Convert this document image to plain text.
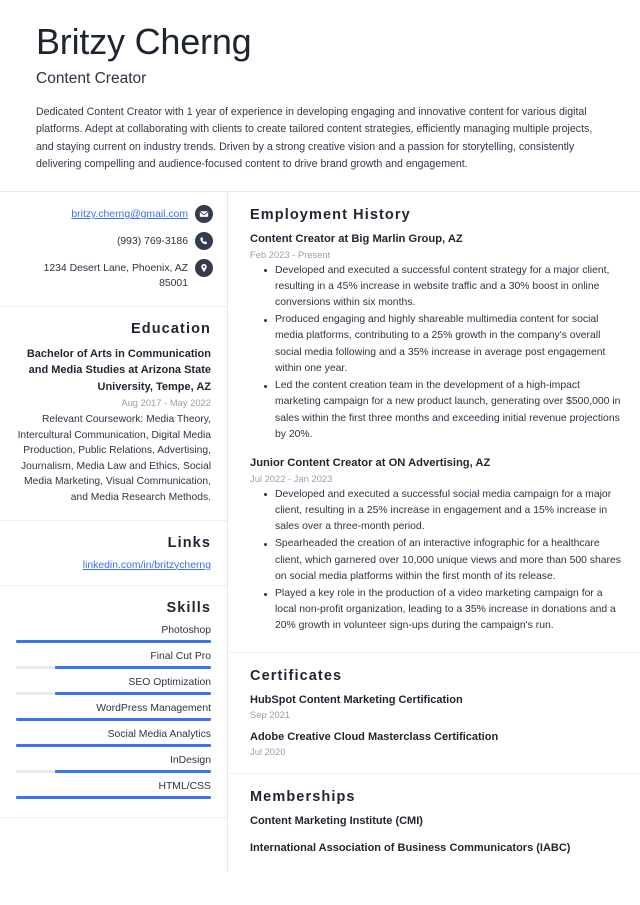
Britzy Cherng
Content Creator
Dedicated Content Creator with 1 year of experience in developing engaging and innovative content for various digital platforms. Adept at collaborating with clients to create tailored content strategies, efficiently managing multiple projects, and staying current on industry trends. Driven by a strong creative vision and a passion for storytelling, consistently delivering compelling and audience-focused content to drive brand growth and engagement.
britzy.cherng@gmail.com
(993) 769-3186
1234 Desert Lane, Phoenix, AZ 85001
Education
Bachelor of Arts in Communication and Media Studies at Arizona State University, Tempe, AZ
Aug 2017 - May 2022
Relevant Coursework: Media Theory, Intercultural Communication, Digital Media Production, Public Relations, Advertising, Journalism, Media Law and Ethics, Social Media Marketing, Visual Communication, and Media Research Methods.
Links
linkedin.com/in/britzycherng
Skills
Photoshop
Final Cut Pro
SEO Optimization
WordPress Management
Social Media Analytics
InDesign
HTML/CSS
Employment History
Content Creator at Big Marlin Group, AZ
Feb 2023 - Present
Developed and executed a successful content strategy for a major client, resulting in a 45% increase in website traffic and a 30% boost in online conversions within six months.
Produced engaging and highly shareable multimedia content for social media platforms, contributing to a 25% growth in the company's overall social media following and a 35% increase in average post engagement within one year.
Led the content creation team in the development of a high-impact marketing campaign for a new product launch, generating over $500,000 in sales within the first three months and exceeding initial revenue projections by 20%.
Junior Content Creator at ON Advertising, AZ
Jul 2022 - Jan 2023
Developed and executed a successful social media campaign for a major client, resulting in a 25% increase in engagement and a 15% increase in sales over a three-month period.
Spearheaded the creation of an interactive infographic for a healthcare client, which garnered over 10,000 unique views and more than 500 shares on social media platforms within the first month of its release.
Played a key role in the production of a video marketing campaign for a local non-profit organization, leading to a 35% increase in donations and a 20% growth in volunteer sign-ups during the campaign's run.
Certificates
HubSpot Content Marketing Certification
Sep 2021
Adobe Creative Cloud Masterclass Certification
Jul 2020
Memberships
Content Marketing Institute (CMI)
International Association of Business Communicators (IABC)
